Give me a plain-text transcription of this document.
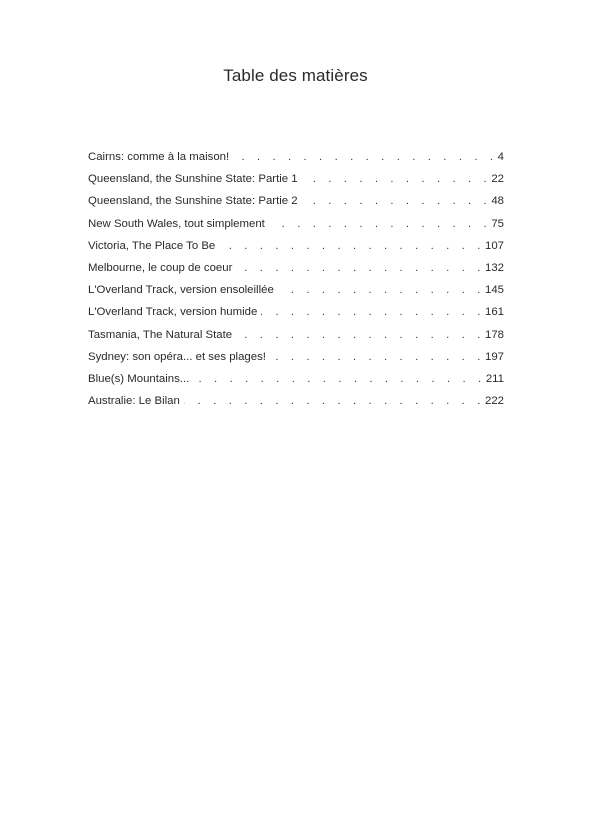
Table des matières
Cairns: comme à la maison! . . .	4
Queensland, the Sunshine State: Partie 1 . . .	22
Queensland, the Sunshine State: Partie 2 . . .	48
New South Wales, tout simplement . . .	75
Victoria, The Place To Be . . .	107
Melbourne, le coup de coeur . . .	132
L'Overland Track, version ensoleillée . . .	145
L'Overland Track, version humide . . .	161
Tasmania, The Natural State . . .	178
Sydney: son opéra... et ses plages! . . .	197
Blue(s) Mountains... . . .	211
Australie: Le Bilan . . .	222
